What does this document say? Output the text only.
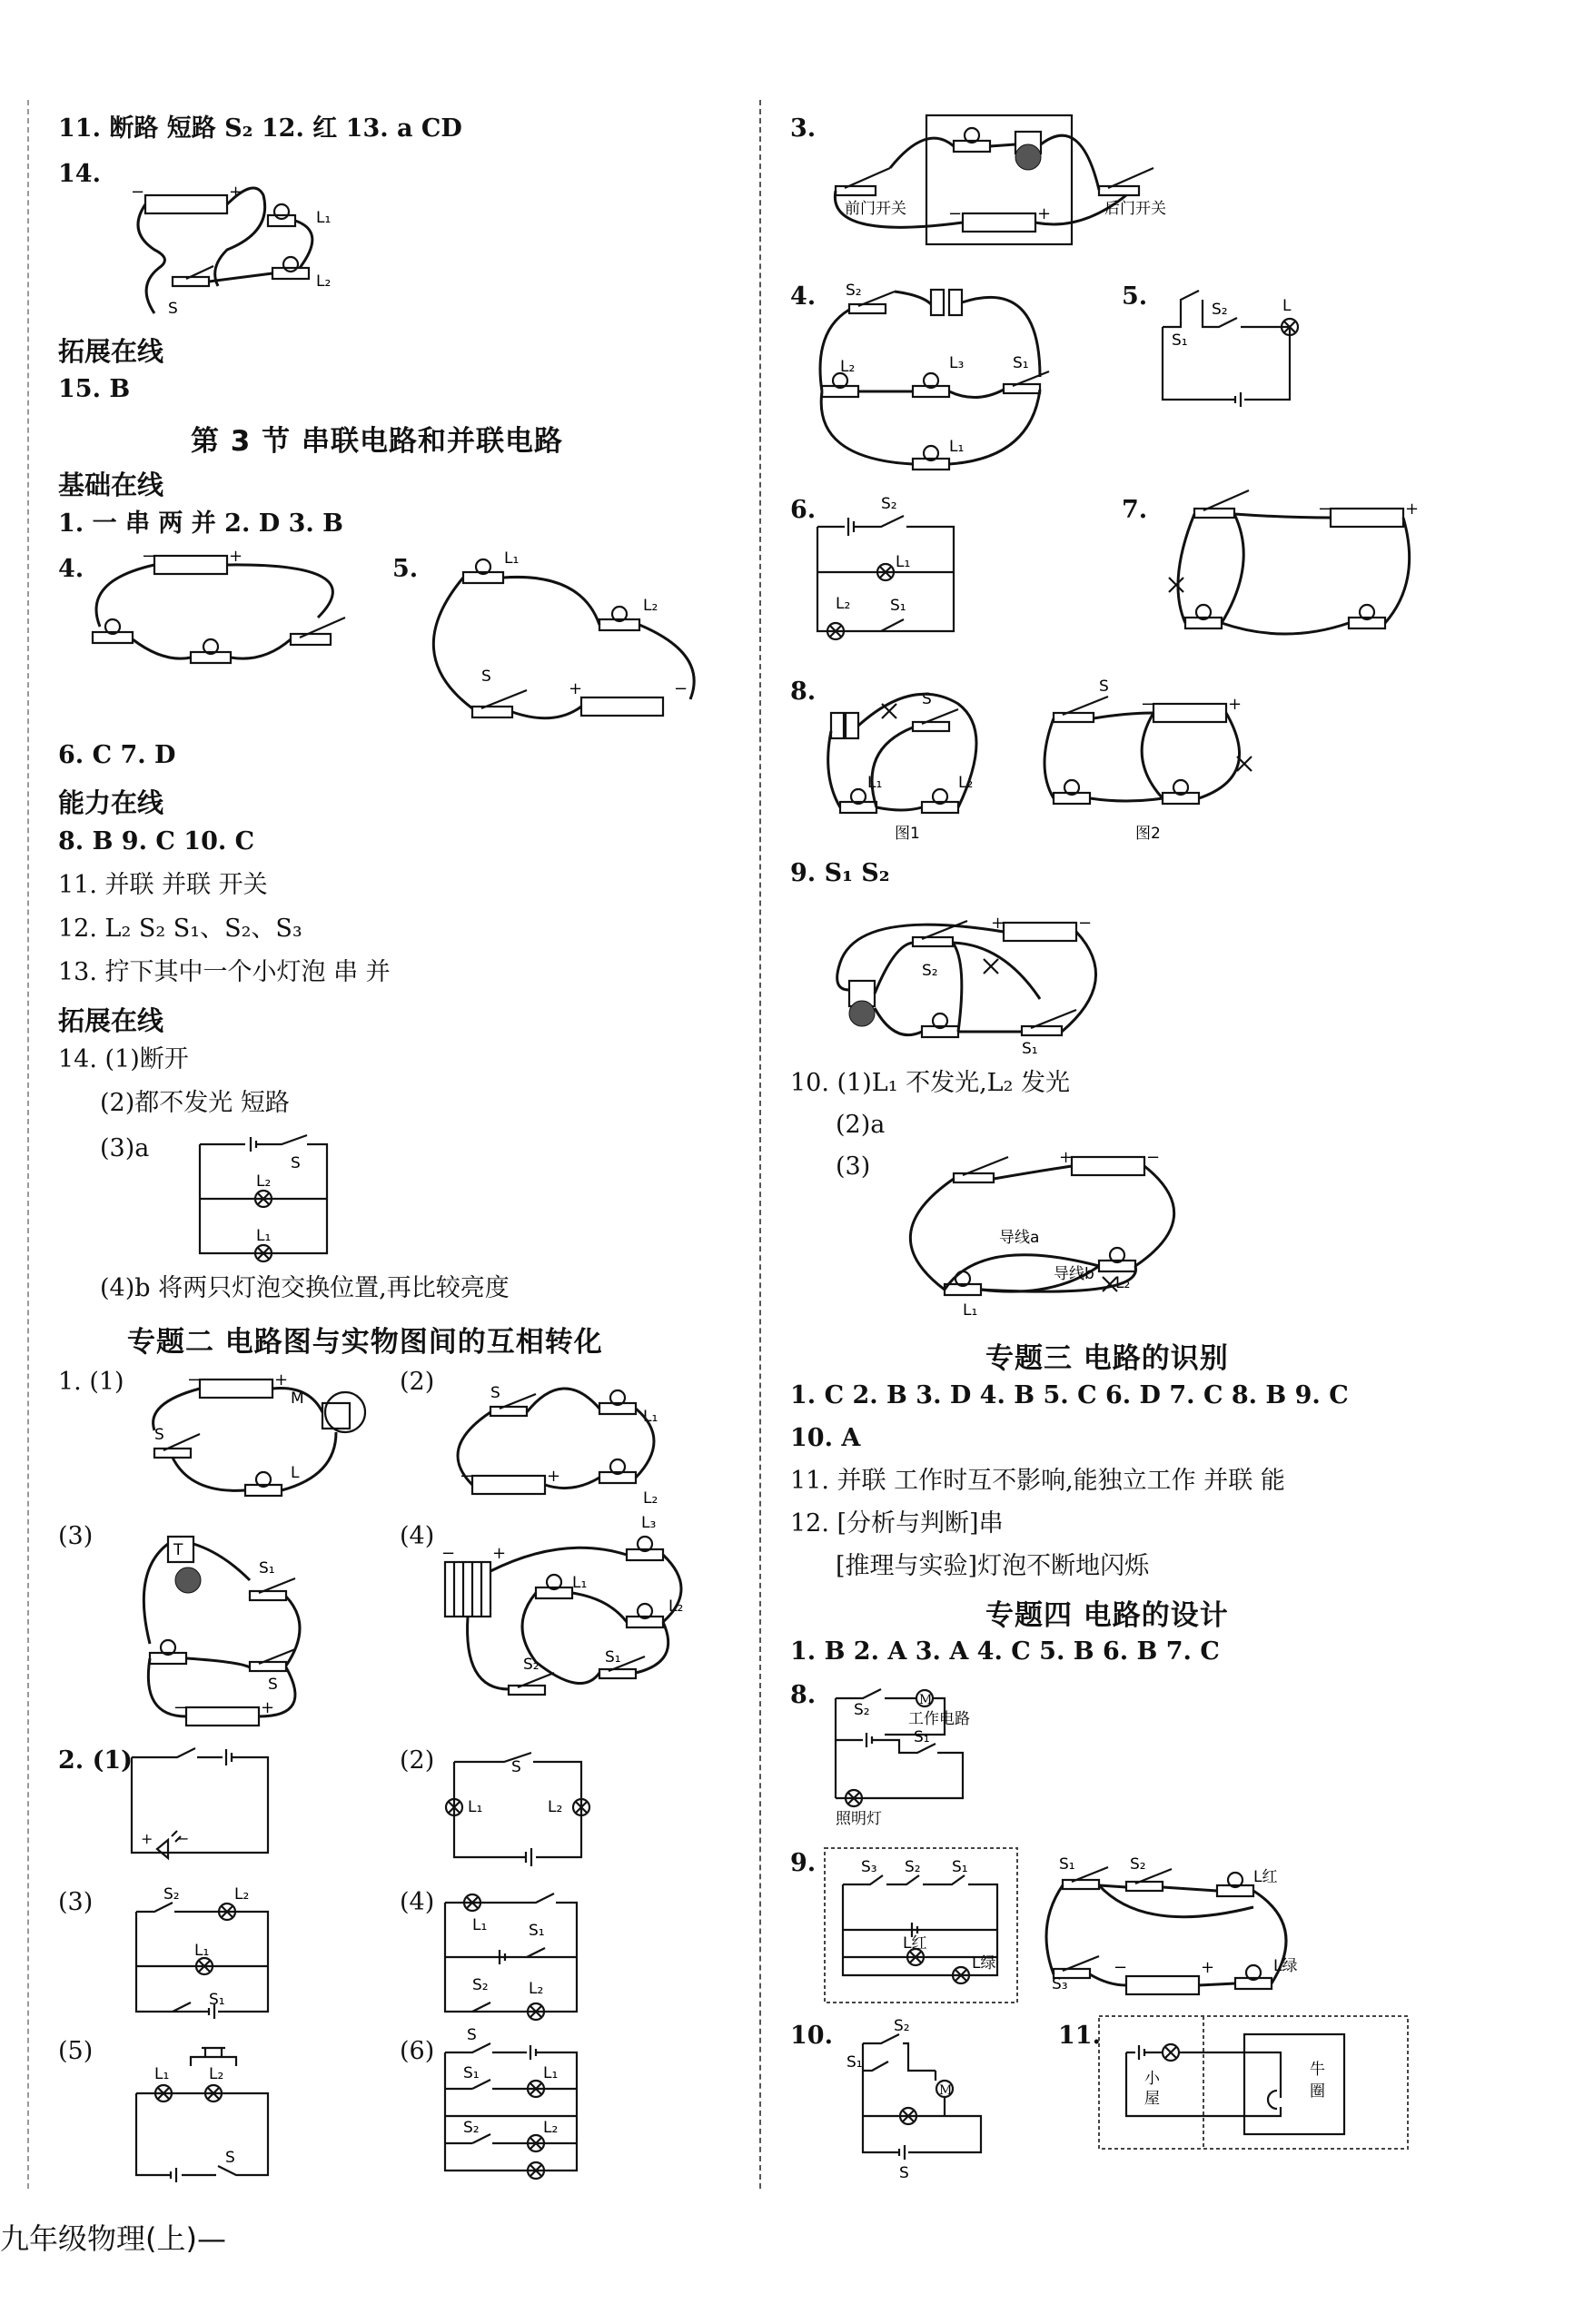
11. 断路 短路 S₂ 12. 红 13. a CD
14.
−	+
L₁
L₂
S
拓展在线
15. B
第 3 节 串联电路和并联电路
基础在线
1. 一 串 两 并 2. D 3. B
4.	5.
−	+	L₁
L₂
S
+	−
6. C 7. D
能力在线
8. B 9. C 10. C
11. 并联 并联 开关
12. L₂ S₂ S₁、S₂、S₃
13. 拧下其中一个小灯泡 串 并
拓展在线
14. (1)断开
(2)都不发光 短路
(3)a
L₂
L₁
S
(4)b 将两只灯泡交换位置,再比较亮度
专题二 电路图与实物图间的互相转化
1. (1)	−	+
M
S
L
(2)	S
L₁
L₂
−	+
(3)	T
S₁
S
−	+
(4)
− +
L₁
L₃
L₂
S₁
S₂
2. (1)
+ −
(2)
L₁	L₂
S
(3)	S₂	L₂
L₁
S₁
(4)
L₁	S₁
S₂	L₂
(5)
L₁	L₂
S
(6)
S
S₁	L₁
S₂	L₂
3.
−	+
前门开关	后门开关
4. S₂
L₂	L₃	S₁
L₁
5.
S₁
S₂	L
6.	S₂
L₁
L₂	S₁
7.	−	+
8.	S
L₁	L₂
图1
S
−	+
图2
9. S₁ S₂
S₂
+	−
S₁
10. (1)L₁ 不发光,L₂ 发光
(2)a
(3)	+	−
L₁
L₂
导线a
导线b
专题三 电路的识别
1. C 2. B 3. D 4. B 5. C 6. D 7. C 8. B 9. C
10. A
11. 并联 工作时互不影响,能独立工作 并联 能
12. [分析与判断]串
[推理与实验]灯泡不断地闪烁
专题四 电路的设计
1. B 2. A 3. A 4. C 5. B 6. B 7. C
8.	M
S₂ 工作电路
S₁
照明灯
9.	S₃ S₂ S₁
L红
L绿
S₁	S₂
L红
S₃
−	+	L绿
10.
M
S₂
S₁
S
11.
小
屋
牛
圈
九年级物理(上)—
